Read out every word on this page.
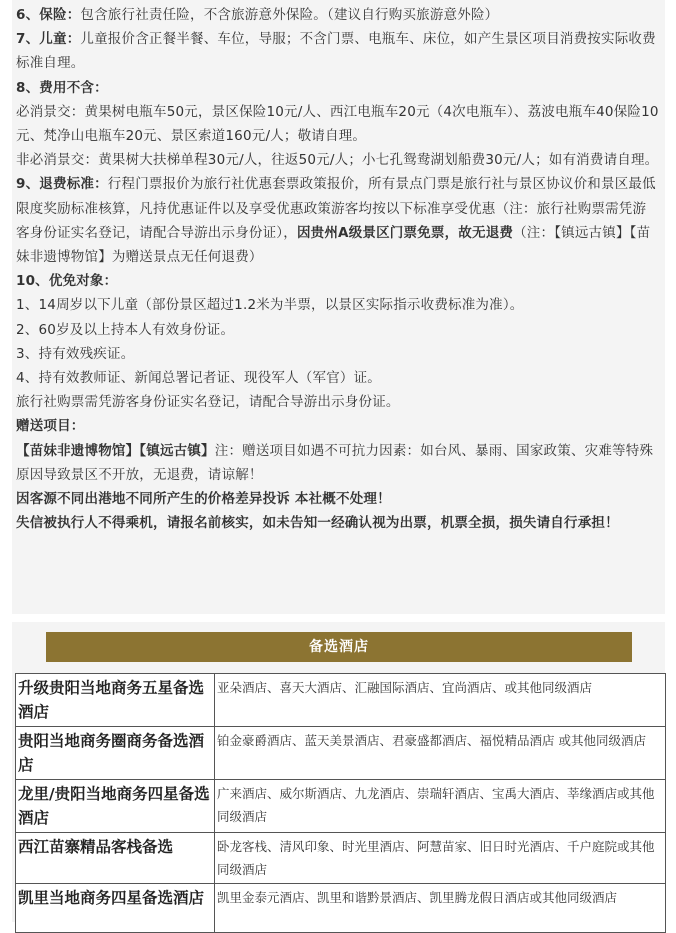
6、保险：包含旅行社责任险，不含旅游意外保险。（建议自行购买旅游意外险）

7、儿童：儿童报价含正餐半餐、车位，导服；不含门票、电瓶车、床位，如产生景区项目消费按实际收费标准自理。

8、费用不含：

必消景交：黄果树电瓶车50元，景区保险10元/人、西江电瓶车20元（4次电瓶车）、荔波电瓶车40保险10元、梵净山电瓶车20元、景区索道160元/人；敬请自理。

非必消景交：黄果树大扶梯单程30元/人，往返50元/人；小七孔鸳鸯湖划船费30元/人；如有消费请自理。

9、退费标准：行程门票报价为旅行社优惠套票政策报价，所有景点门票是旅行社与景区协议价和景区最低限度奖励标准核算，凡持优惠证件以及享受优惠政策游客均按以下标准享受优惠（注：旅行社购票需凭游客身份证实名登记，请配合导游出示身份证），因贵州A级景区门票免票，故无退费（注：【镇远古镇】【苗妹非遗博物馆】为赠送景点无任何退费）

10、优免对象：

1、14周岁以下儿童（部份景区超过1.2米为半票，以景区实际指示收费标准为准）。

2、60岁及以上持本人有效身份证。

3、持有效残疾证。

4、持有效教师证、新闻总署记者证、现役军人（军官）证。

旅行社购票需凭游客身份证实名登记，请配合导游出示身份证。

赠送项目：

【苗妹非遗博物馆】【镇远古镇】注：赠送项目如遇不可抗力因素：如台风、暴雨、国家政策、灾难等特殊原因导致景区不开放，无退费，请谅解！

因客源不同出港地不同所产生的价格差异投诉 本社概不处理！

失信被执行人不得乘机，请报名前核实，如未告知一经确认视为出票，机票全损，损失请自行承担！

备选酒店
升级贵阳当地商务五星备选酒店	亚朵酒店、喜天大酒店、汇融国际酒店、宜尚酒店、或其他同级酒店
贵阳当地商务圈商务备选酒店	铂金豪爵酒店、蓝天美景酒店、君豪盛都酒店、福悦精品酒店 或其他同级酒店
龙里/贵阳当地商务四星备选酒店	广来酒店、威尔斯酒店、九龙酒店、崇瑞轩酒店、宝禹大酒店、莘缘酒店或其他同级酒店
西江苗寨精品客栈备选	卧龙客栈、清风印象、时光里酒店、阿慧苗家、旧日时光酒店、千户庭院或其他同级酒店
凯里当地商务四星备选酒店	凯里金泰元酒店、凯里和谐黔景酒店、凯里腾龙假日酒店或其他同级酒店
